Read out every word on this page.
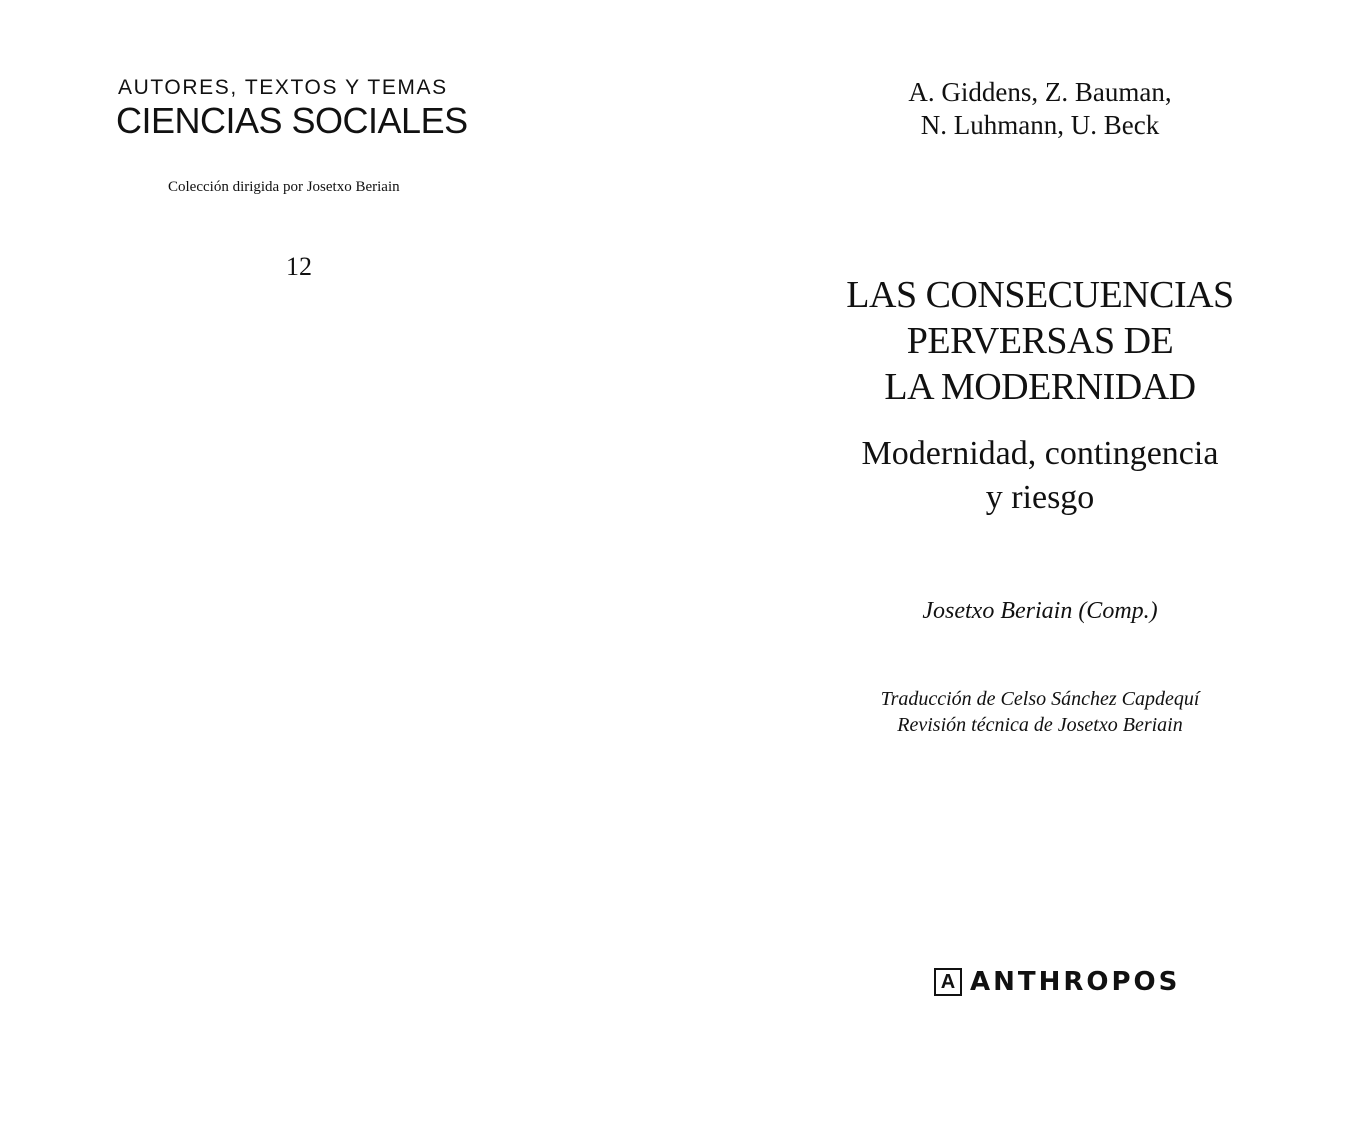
AUTORES, TEXTOS Y TEMAS
CIENCIAS SOCIALES
Colección dirigida por Josetxo Beriain
12
A. Giddens, Z. Bauman,
N. Luhmann, U. Beck
LAS CONSECUENCIAS
PERVERSAS DE
LA MODERNIDAD
Modernidad, contingencia
y riesgo
Josetxo Beriain (Comp.)
Traducción de Celso Sánchez Capdequí
Revisión técnica de Josetxo Beriain
A ANTHROPOS
